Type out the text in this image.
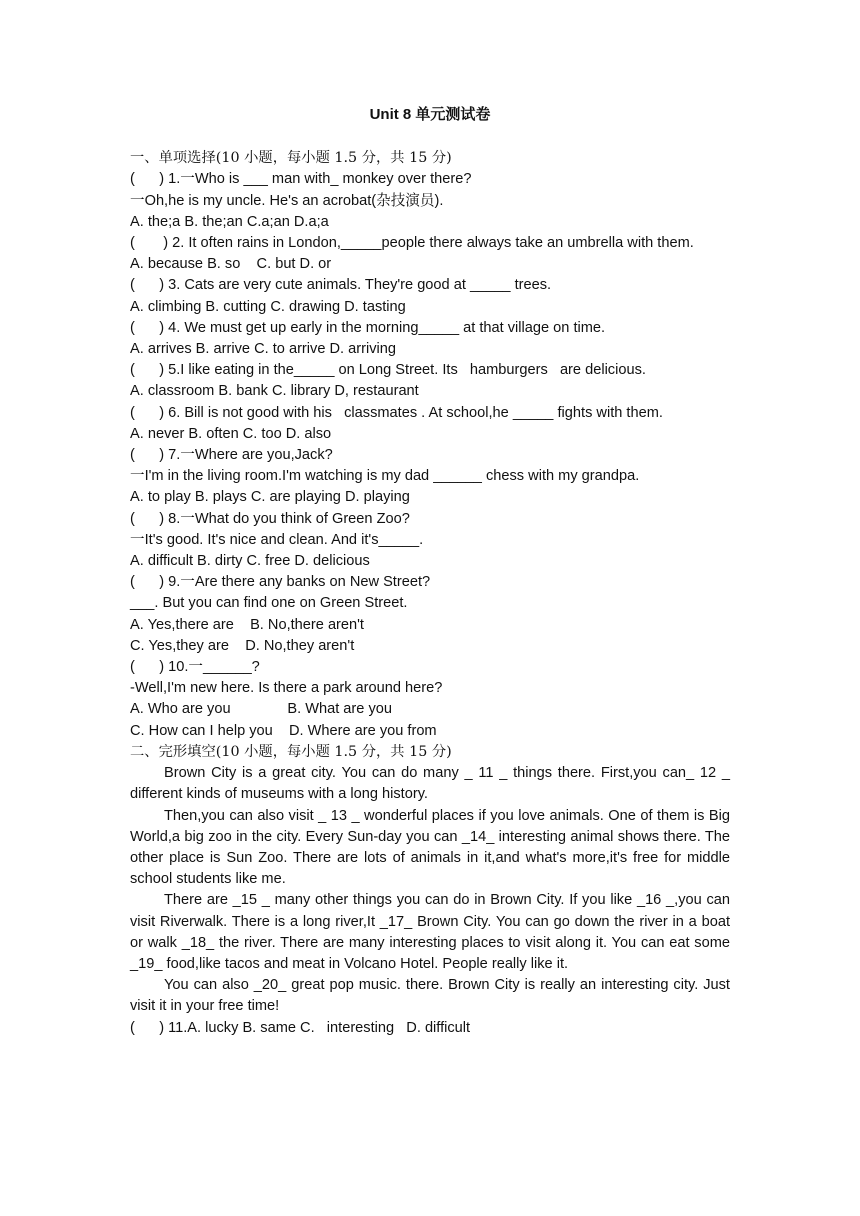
Unit 8 单元测试卷
一、单项选择(10 小题，每小题 1.5 分，共 15 分)
(      ) 1.一Who is ___ man with_ monkey over there?
一Oh,he is my uncle. He's an acrobat(杂技演员).
A. the;a B. the;an C.a;an D.a;a
(       ) 2. It often rains in London,_____people there always take an umbrella with them.
A. because B. so    C. but D. or
(      ) 3. Cats are very cute animals. They're good at _____ trees.
A. climbing B. cutting C. drawing D. tasting
(      ) 4. We must get up early in the morning_____ at that village on time.
A. arrives B. arrive C. to arrive D. arriving
(      ) 5.I like eating in the_____ on Long Street. Its   hamburgers   are delicious.
A. classroom B. bank C. library D, restaurant
(      ) 6. Bill is not good with his   classmates . At school,he _____ fights with them.
A. never B. often C. too D. also
(      ) 7.一Where are you,Jack?
一I'm in the living room.I'm watching is my dad ______ chess with my grandpa.
A. to play B. plays C. are playing D. playing
(      ) 8.一What do you think of Green Zoo?
一It's good. It's nice and clean. And it's_____.
A. difficult B. dirty C. free D. delicious
(      ) 9.一Are there any banks on New Street?
___. But you can find one on Green Street.
A. Yes,there are    B. No,there aren't
C. Yes,they are    D. No,they aren't
(      ) 10.一______?
-Well,I'm new here. Is there a park around here?
A. Who are you              B. What are you
C. How can I help you    D. Where are you from
二、完形填空(10 小题，每小题 1.5 分，共 15 分)
Brown City is a great city. You can do many _ 11 _ things there. First,you can_ 12 _ different kinds of museums with a long history.
Then,you can also visit _ 13 _ wonderful places if you love animals. One of them is Big World,a big zoo in the city. Every Sun-day you can _14_ interesting animal shows there. The other place is Sun Zoo. There are lots of animals in it,and what's more,it's free for middle school students like me.
There are _15 _ many other things you can do in Brown City. If you like _16 _,you can visit Riverwalk. There is a long river,It _17_ Brown City. You can go down the river in a boat or walk _18_ the river. There are many interesting places to visit along it. You can eat some _19_ food,like tacos and meat in Volcano Hotel. People really like it.
You can also _20_ great pop music. there. Brown City is really an interesting city. Just visit it in your free time!
(      ) 11.A. lucky B. same C.   interesting   D. difficult
